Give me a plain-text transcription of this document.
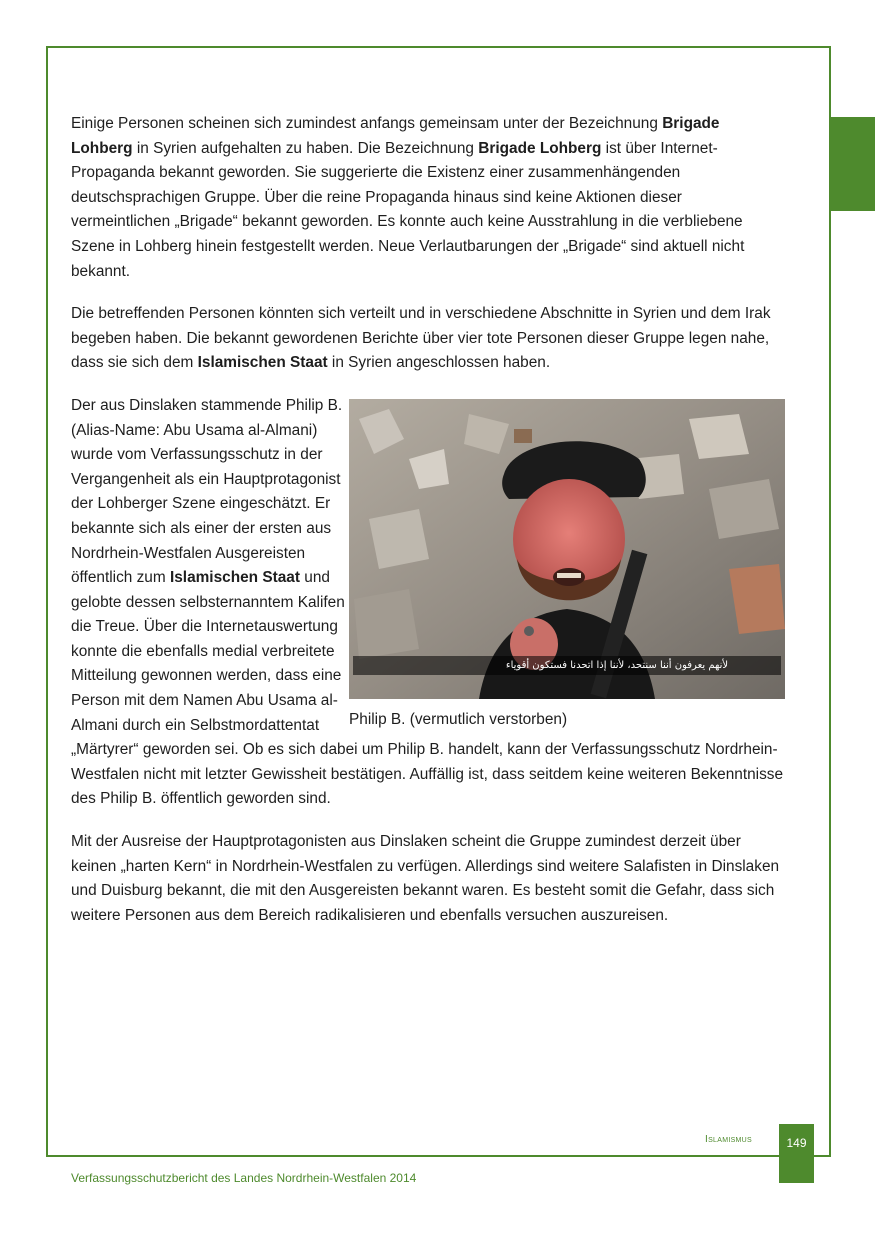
Einige Personen scheinen sich zumindest anfangs gemeinsam unter der Bezeichnung Brigade Lohberg in Syrien aufgehalten zu haben. Die Bezeichnung Brigade Lohberg ist über Internet-Propaganda bekannt geworden. Sie suggerierte die Existenz einer zusammenhängenden deutschsprachigen Gruppe. Über die reine Propaganda hinaus sind keine Aktionen dieser vermeintlichen „Brigade“ bekannt geworden. Es konnte auch keine Ausstrahlung in die verbliebene Szene in Lohberg hinein festgestellt werden. Neue Verlautbarungen der „Brigade“ sind aktuell nicht bekannt.

Die betreffenden Personen könnten sich verteilt und in verschiedene Abschnitte in Syrien und dem Irak begeben haben. Die bekannt gewordenen Berichte über vier tote Personen dieser Gruppe legen nahe, dass sie sich dem Islamischen Staat in Syrien angeschlossen haben.

لأنهم يعرفون أننا سنتحد، لأننا إذا اتحدنا فستكون أقوياء
Philip B. (vermutlich verstorben)

Der aus Dinslaken stammende Philip B. (Alias-Name: Abu Usama al-Almani) wurde vom Verfassungsschutz in der Vergangenheit als ein Hauptprotagonist der Lohberger Szene eingeschätzt. Er bekannte sich als einer der ersten aus Nordrhein-Westfalen Ausgereisten öffentlich zum Islamischen Staat und gelobte dessen selbsternanntem Kalifen die Treue. Über die Internetauswertung konnte die ebenfalls medial verbreitete Mitteilung gewonnen werden, dass eine Person mit dem Namen Abu Usama al-Almani durch ein Selbstmordattentat „Märtyrer“ geworden sei. Ob es sich dabei um Philip B. handelt, kann der Verfassungsschutz Nordrhein-Westfalen nicht mit letzter Gewissheit bestätigen. Auffällig ist, dass seitdem keine weiteren Bekenntnisse des Philip B. öffentlich geworden sind.

Mit der Ausreise der Hauptprotagonisten aus Dinslaken scheint die Gruppe zumindest derzeit über keinen „harten Kern“ in Nordrhein-Westfalen zu verfügen. Allerdings sind weitere Salafisten in Dinslaken und Duisburg bekannt, die mit den Ausgereisten bekannt waren. Es besteht somit die Gefahr, dass sich weitere Personen aus dem Bereich radikalisieren und ebenfalls versuchen auszureisen.

Islamismus	149
Verfassungsschutzbericht des Landes Nordrhein-Westfalen 2014
